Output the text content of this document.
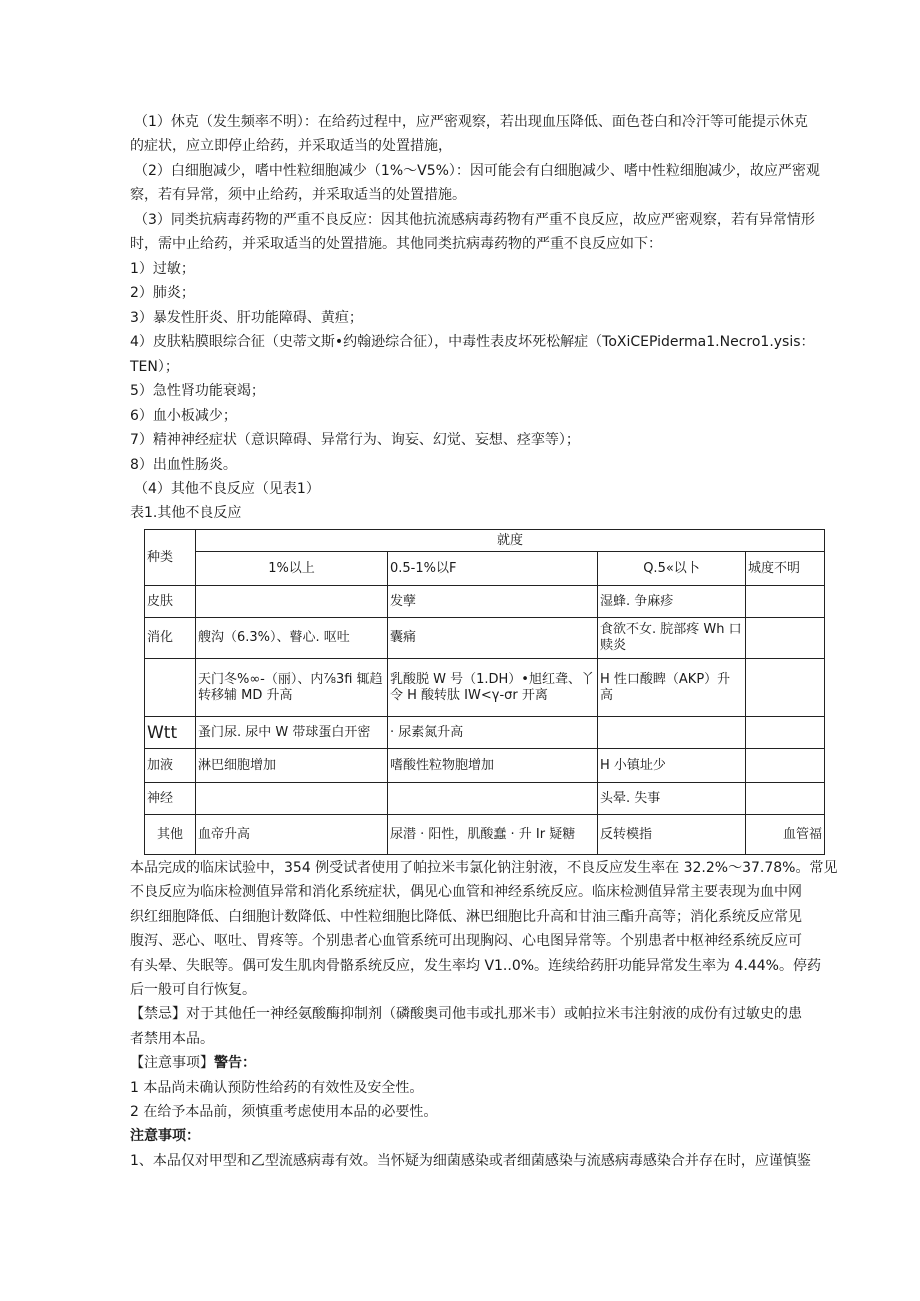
（1）休克（发生频率不明）：在给药过程中，应严密观察，若出现血压降低、面色苍白和冷汗等可能提示休克

的症状，应立即停止给药，并采取适当的处置措施，

（2）白细胞减少，嗜中性粒细胞减少（1%～V5%）：因可能会有白细胞减少、嗜中性粒细胞减少，故应严密观

察，若有异常，须中止给药，并采取适当的处置措施。

（3）同类抗病毒药物的严重不良反应：因其他抗流感病毒药物有严重不良反应，故应严密观察，若有异常情形

时，需中止给药，并采取适当的处置措施。其他同类抗病毒药物的严重不良反应如下：

1）过敏；

2）肺炎；

3）暴发性肝炎、肝功能障碍、黄疸；

4）皮肤粘膜眼综合征（史蒂文斯•约翰逊综合征），中毒性表皮坏死松解症（ToXiCEPiderma1.Necro1.ysis：

TEN）；

5）急性肾功能衰竭；

6）血小板减少；

7）精神神经症状（意识障碍、异常行为、询妄、幻觉、妄想、痉挛等）；

8）出血性肠炎。

（4）其他不良反应（见表1）

表1.其他不良反应

种类	就度			
	1%以上	0.5-1%以F	Q.5«以卜	城度不明
皮肤		发孽	湿蜂. 争麻疹	
消化	艘沟（6.3%）、瞽心. 呕吐	囊痛	食欲不女. 脘部疼 Wh 口赎炎	
	天门冬%∞-（丽）、内⅞3fi 辄趋转移辅 MD 升高	乳酸脱 W 号（1.DH）•旭红聋、丫令 H 酸转肽 IW<γ-σr 开离	H 性口酸睥（AKP）升高	
Wtt	蚤门尿. 尿中 W 带球蛋白开密	· 尿素氮升高		
加液	淋巴细胞增加	嗜酸性粒物胞增加	H 小镇址少	
神经			头晕. 失事	
其他	血帝升高	尿潜 · 阳性，肌酸蠢 · 升 Ir 疑糖	反转模指	血管福

本品完成的临床试验中，354 例受试者使用了帕拉米韦氯化钠注射液，不良反应发生率在 32.2%～37.78%。常见

不良反应为临床检测值异常和消化系统症状，偶见心血管和神经系统反应。临床检测值异常主要表现为血中网

织红细胞降低、白细胞计数降低、中性粒细胞比降低、淋巴细胞比升高和甘油三酯升高等；消化系统反应常见

腹泻、恶心、呕吐、胃疼等。个别患者心血管系统可出现胸闷、心电图异常等。个别患者中枢神经系统反应可

有头晕、失眠等。偶可发生肌肉骨骼系统反应，发生率均 V1..0%。连续给药肝功能异常发生率为 4.44%。停药

后一般可自行恢复。

【禁忌】对于其他任一神经氨酸酶抑制剂（磷酸奥司他韦或扎那米韦）或帕拉米韦注射液的成份有过敏史的患

者禁用本品。

【注意事项】警告：

1 本品尚未确认预防性给药的有效性及安全性。

2 在给予本品前，须慎重考虑使用本品的必要性。

注意事项：

1、本品仅对甲型和乙型流感病毒有效。当怀疑为细菌感染或者细菌感染与流感病毒感染合并存在时，应谨慎鉴
